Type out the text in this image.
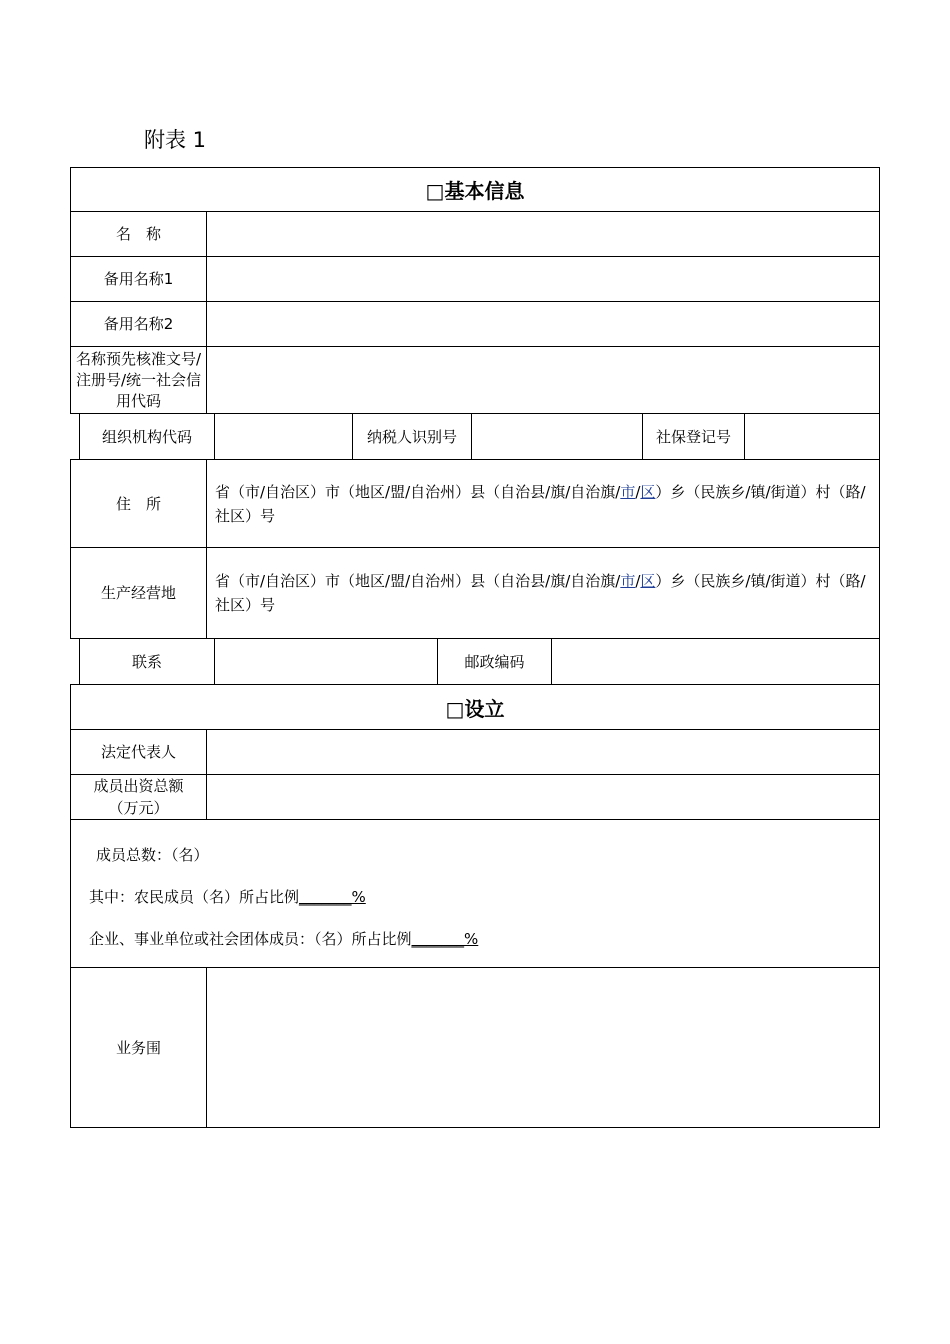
附表 1
□基本信息
名　称
备用名称1
备用名称2
名称预先核准文号/注册号/统一社会信用代码
组织机构代码	纳税人识别号	社保登记号
住　所
省（市/自治区）市（地区/盟/自治州）县（自治县/旗/自治旗/市/区）乡（民族乡/镇/街道）村（路/社区）号
生产经营地
省（市/自治区）市（地区/盟/自治州）县（自治县/旗/自治旗/市/区）乡（民族乡/镇/街道）村（路/社区）号
联系	邮政编码
□设立
法定代表人
成员出资总额（万元）

成员总数：（名）

其中：农民成员（名）所占比例_______%

企业、事业单位或社会团体成员：（名）所占比例_______%

业务围
